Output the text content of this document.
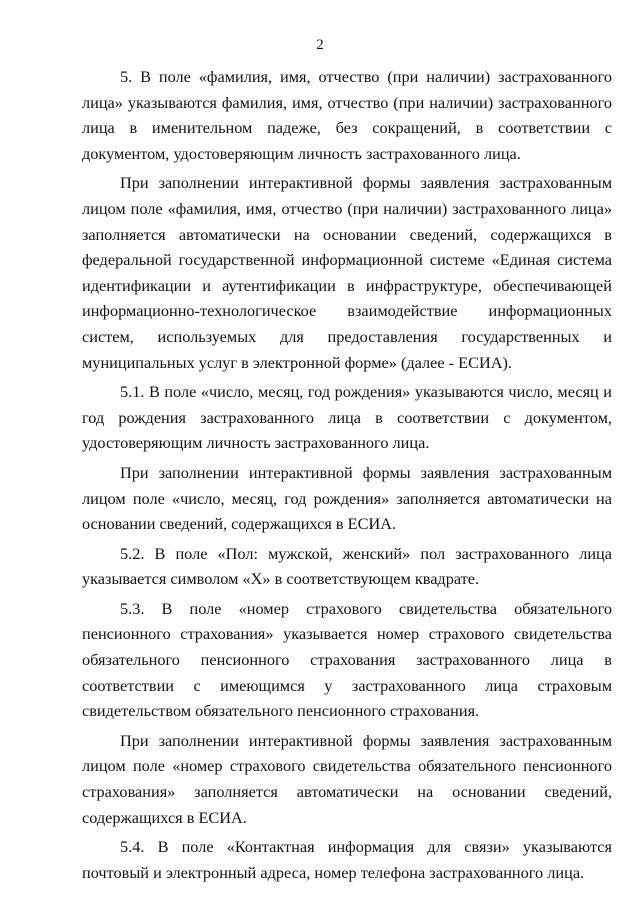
2

5. В поле «фамилия, имя, отчество (при наличии) застрахованного лица» указываются фамилия, имя, отчество (при наличии) застрахованного лица в именительном падеже, без сокращений, в соответствии с документом, удостоверяющим личность застрахованного лица.

При заполнении интерактивной формы заявления застрахованным лицом поле «фамилия, имя, отчество (при наличии) застрахованного лица» заполняется автоматически на основании сведений, содержащихся в федеральной государственной информационной системе «Единая система идентификации и аутентификации в инфраструктуре, обеспечивающей информационно-технологическое взаимодействие информационных систем, используемых для предоставления государственных и муниципальных услуг в электронной форме» (далее - ЕСИА).

5.1. В поле «число, месяц, год рождения» указываются число, месяц и год рождения застрахованного лица в соответствии с документом, удостоверяющим личность застрахованного лица.

При заполнении интерактивной формы заявления застрахованным лицом поле «число, месяц, год рождения» заполняется автоматически на основании сведений, содержащихся в ЕСИА.

5.2. В поле «Пол: мужской, женский» пол застрахованного лица указывается символом «X» в соответствующем квадрате.

5.3. В поле «номер страхового свидетельства обязательного пенсионного страхования» указывается номер страхового свидетельства обязательного пенсионного страхования застрахованного лица в соответствии с имеющимся у застрахованного лица страховым свидетельством обязательного пенсионного страхования.

При заполнении интерактивной формы заявления застрахованным лицом поле «номер страхового свидетельства обязательного пенсионного страхования» заполняется автоматически на основании сведений, содержащихся в ЕСИА.

5.4. В поле «Контактная информация для связи» указываются почтовый и электронный адреса, номер телефона застрахованного лица.
